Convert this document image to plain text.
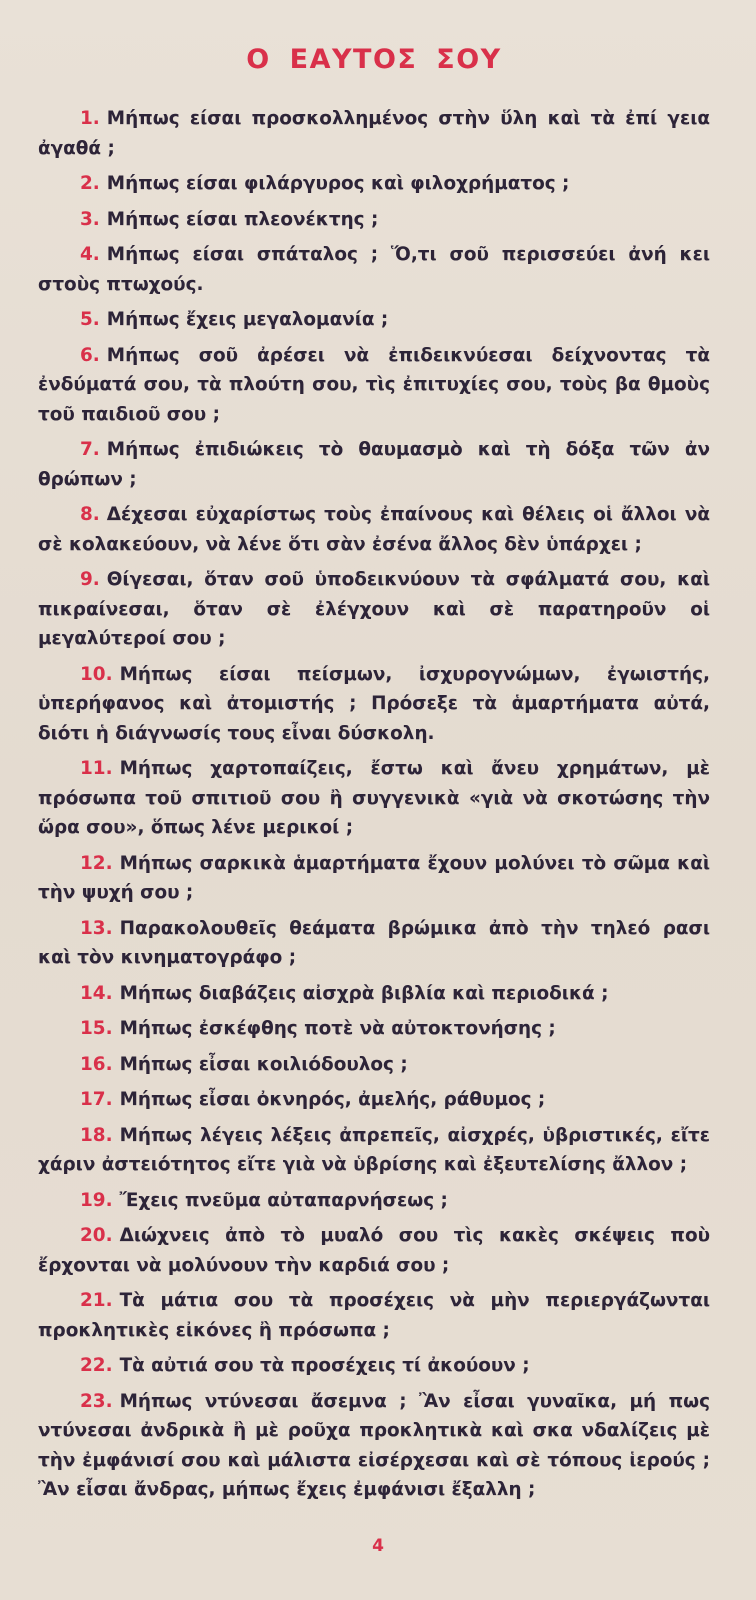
Ο ΕΑΥΤΟΣ ΣΟΥ
1. Μήπως είσαι προσκολλημένος στὴν ὕλη καὶ τὰ ἐπί γεια ἀγαθά ;
2. Μήπως είσαι φιλάργυρος καὶ φιλοχρήματος ;
3. Μήπως είσαι πλεονέκτης ;
4. Μήπως είσαι σπάταλος ; Ὅ,τι σοῦ περισσεύει ἀνή κει στοὺς πτωχούς.
5. Μήπως ἔχεις μεγαλομανία ;
6. Μήπως σοῦ ἀρέσει νὰ ἐπιδεικνύεσαι δείχνοντας τὰ ἐνδύματά σου, τὰ πλούτη σου, τὶς ἐπιτυχίες σου, τοὺς βα θμοὺς τοῦ παιδιοῦ σου ;
7. Μήπως ἐπιδιώκεις τὸ θαυμασμὸ καὶ τὴ δόξα τῶν ἀν θρώπων ;
8. Δέχεσαι εὐχαρίστως τοὺς ἐπαίνους καὶ θέλεις οἱ ἄλλοι νὰ σὲ κολακεύουν, νὰ λένε ὅτι σὰν ἐσένα ἄλλος δὲν ὑπάρχει ;
9. Θίγεσαι, ὅταν σοῦ ὑποδεικνύουν τὰ σφάλματά σου, καὶ πικραίνεσαι, ὅταν σὲ ἐλέγχουν καὶ σὲ παρατηροῦν οἱ μεγαλύτεροί σου ;
10. Μήπως είσαι πείσμων, ἰσχυρογνώμων, ἐγωιστής, ὑπερήφανος καὶ ἀτομιστής ; Πρόσεξε τὰ ἁμαρτήματα αὐτά, διότι ἡ διάγνωσίς τους εἶναι δύσκολη.
11. Μήπως χαρτοπαίζεις, ἔστω καὶ ἄνευ χρημάτων, μὲ πρόσωπα τοῦ σπιτιοῦ σου ἢ συγγενικὰ «γιὰ νὰ σκοτώσης τὴν ὥρα σου», ὅπως λένε μερικοί ;
12. Μήπως σαρκικὰ ἁμαρτήματα ἔχουν μολύνει τὸ σῶμα καὶ τὴν ψυχή σου ;
13. Παρακολουθεῖς θεάματα βρώμικα ἀπὸ τὴν τηλεό ρασι καὶ τὸν κινηματογράφο ;
14. Μήπως διαβάζεις αἰσχρὰ βιβλία καὶ περιοδικά ;
15. Μήπως ἐσκέφθης ποτὲ νὰ αὐτοκτονήσης ;
16. Μήπως εἶσαι κοιλιόδουλος ;
17. Μήπως εἶσαι ὀκνηρός, ἀμελής, ράθυμος ;
18. Μήπως λέγεις λέξεις ἀπρεπεῖς, αἰσχρές, ὑβριστικές, εἴτε χάριν ἀστειότητος εἴτε γιὰ νὰ ὑβρίσης καὶ ἐξευτελίσης ἄλλον ;
19. Ἔχεις πνεῦμα αὐταπαρνήσεως ;
20. Διώχνεις ἀπὸ τὸ μυαλό σου τὶς κακὲς σκέψεις ποὺ ἔρχονται νὰ μολύνουν τὴν καρδιά σου ;
21. Τὰ μάτια σου τὰ προσέχεις νὰ μὴν περιεργάζωνται προκλητικὲς εἰκόνες ἢ πρόσωπα ;
22. Τὰ αὐτιά σου τὰ προσέχεις τί ἀκούουν ;
23. Μήπως ντύνεσαι ἄσεμνα ; Ἂν εἶσαι γυναῖκα, μή πως ντύνεσαι ἀνδρικὰ ἢ μὲ ροῦχα προκλητικὰ καὶ σκα νδαλίζεις μὲ τὴν ἐμφάνισί σου καὶ μάλιστα εἰσέρχεσαι καὶ σὲ τόπους ἱερούς ; Ἂν εἶσαι ἄνδρας, μήπως ἔχεις ἐμφάνισι ἔξαλλη ;
4
